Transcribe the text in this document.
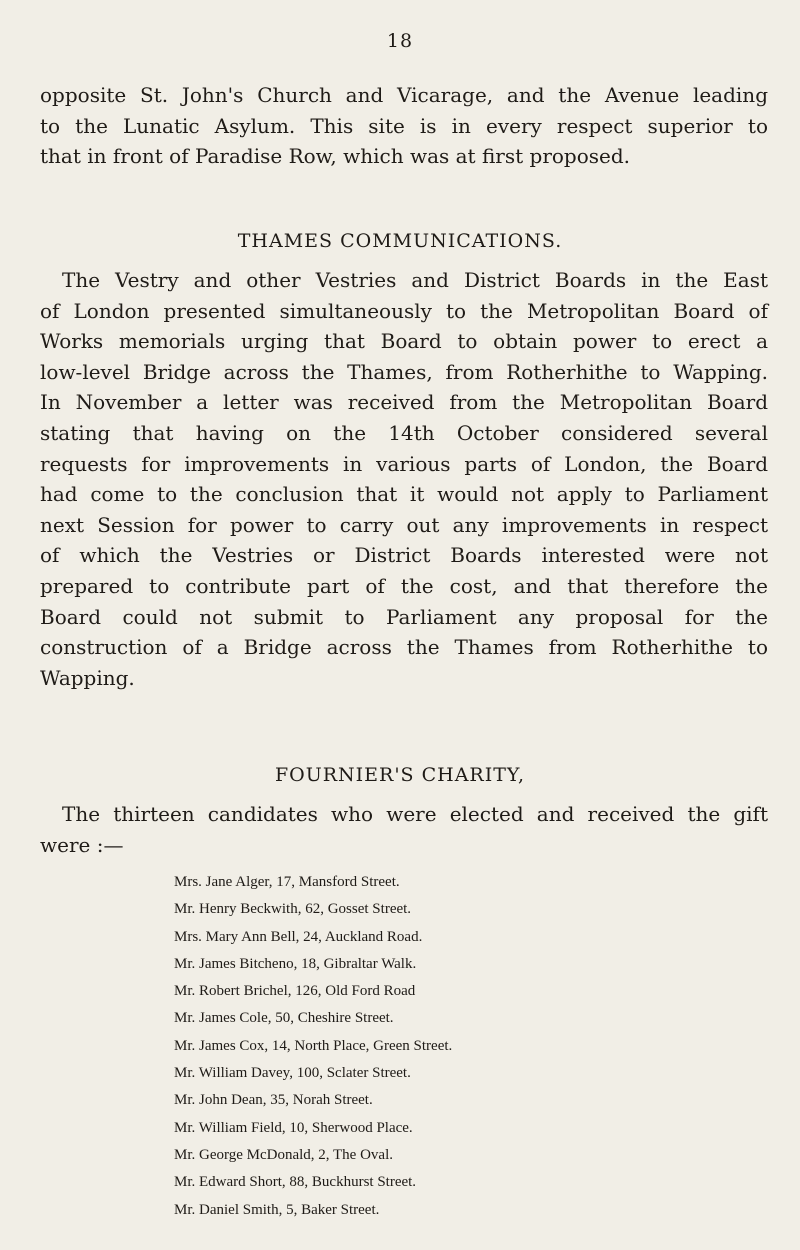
18
opposite St. John's Church and Vicarage, and the Avenue leading
to the Lunatic Asylum. This site is in every respect superior to
that in front of Paradise Row, which was at first proposed.
THAMES COMMUNICATIONS.
The Vestry and other Vestries and District Boards in the East
of London presented simultaneously to the Metropolitan Board of
Works memorials urging that Board to obtain power to erect a
low-level Bridge across the Thames, from Rotherhithe to Wapping.
In November a letter was received from the Metropolitan Board
stating that having on the 14th October considered several
requests for improvements in various parts of London, the Board
had come to the conclusion that it would not apply to Parliament
next Session for power to carry out any improvements in respect
of which the Vestries or District Boards interested were not
prepared to contribute part of the cost, and that therefore the
Board could not submit to Parliament any proposal for the
construction of a Bridge across the Thames from Rotherhithe to
Wapping.
FOURNIER'S CHARITY,
The thirteen candidates who were elected and received the gift
were :—
Mrs. Jane Alger, 17, Mansford Street.
Mr. Henry Beckwith, 62, Gosset Street.
Mrs. Mary Ann Bell, 24, Auckland Road.
Mr. James Bitcheno, 18, Gibraltar Walk.
Mr. Robert Brichel, 126, Old Ford Road
Mr. James Cole, 50, Cheshire Street.
Mr. James Cox, 14, North Place, Green Street.
Mr. William Davey, 100, Sclater Street.
Mr. John Dean, 35, Norah Street.
Mr. William Field, 10, Sherwood Place.
Mr. George McDonald, 2, The Oval.
Mr. Edward Short, 88, Buckhurst Street.
Mr. Daniel Smith, 5, Baker Street.
